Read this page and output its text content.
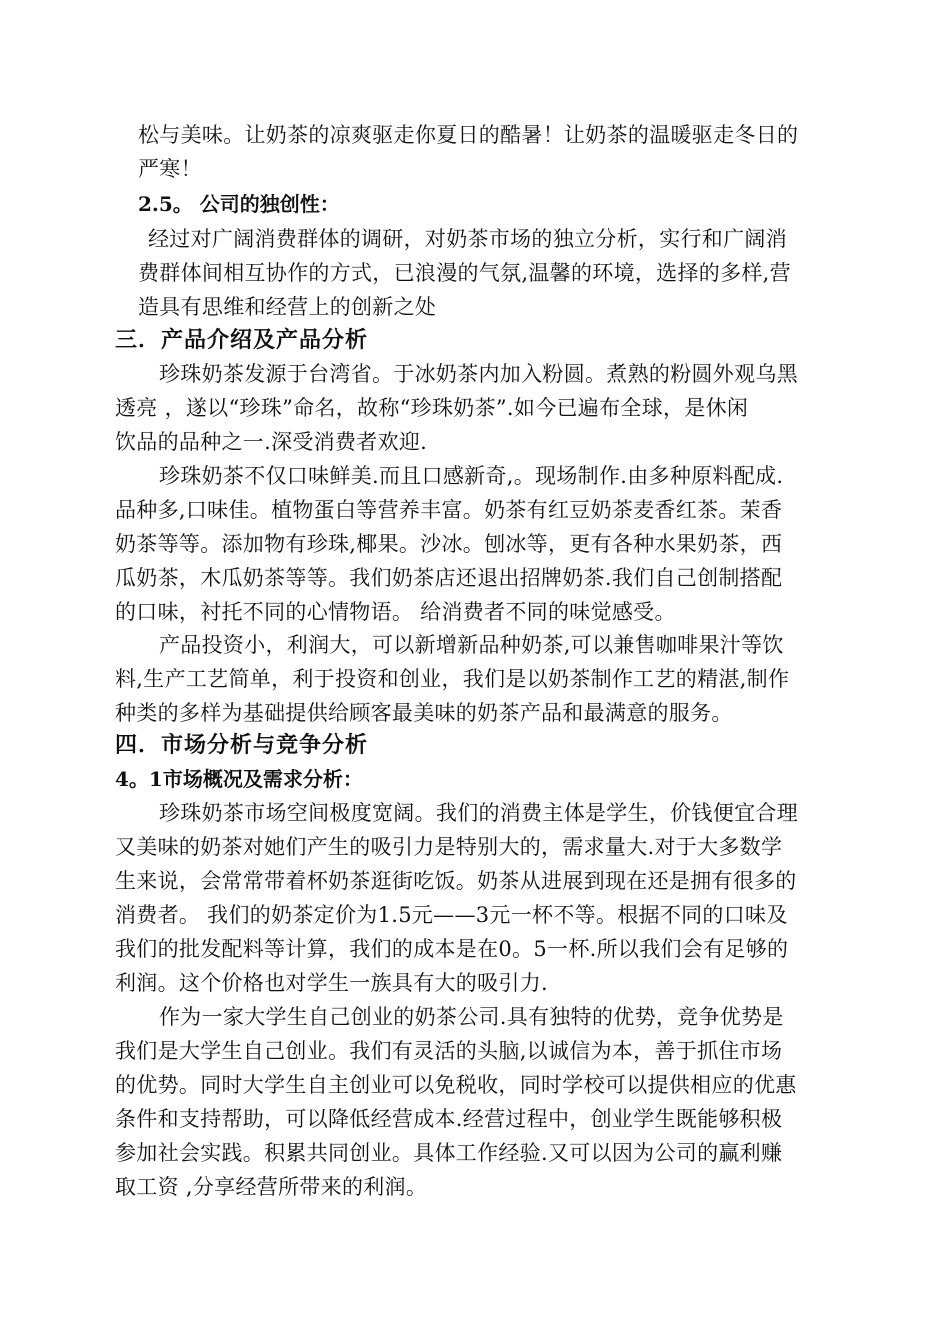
松与美味。让奶茶的凉爽驱走你夏日的酷暑！让奶茶的温暖驱走冬日的
严寒！
2.5。 公司的独创性：
经过对广阔消费群体的调研，对奶茶市场的独立分析，实行和广阔消
费群体间相互协作的方式，已浪漫的气氛,温馨的环境，选择的多样,营
造具有思维和经营上的创新之处
三．产品介绍及产品分析
珍珠奶茶发源于台湾省。于冰奶茶内加入粉圆。煮熟的粉圆外观乌黑
透亮 ，遂以“珍珠”命名，故称“珍珠奶茶”.如今已遍布全球，是休闲
饮品的品种之一.深受消费者欢迎.
珍珠奶茶不仅口味鲜美.而且口感新奇,。现场制作.由多种原料配成.
品种多,口味佳。植物蛋白等营养丰富。奶茶有红豆奶茶麦香红茶。茉香
奶茶等等。添加物有珍珠,椰果。沙冰。刨冰等，更有各种水果奶茶，西
瓜奶茶，木瓜奶茶等等。我们奶茶店还退出招牌奶茶.我们自己创制搭配
的口味，衬托不同的心情物语。 给消费者不同的味觉感受。
产品投资小，利润大，可以新增新品种奶茶,可以兼售咖啡果汁等饮
料,生产工艺简单，利于投资和创业，我们是以奶茶制作工艺的精湛,制作
种类的多样为基础提供给顾客最美味的奶茶产品和最满意的服务。
四．市场分析与竞争分析
4。1市场概况及需求分析：
珍珠奶茶市场空间极度宽阔。我们的消费主体是学生，价钱便宜合理
又美味的奶茶对她们产生的吸引力是特别大的，需求量大.对于大多数学
生来说，会常常带着杯奶茶逛街吃饭。奶茶从进展到现在还是拥有很多的
消费者。 我们的奶茶定价为1.5元——3元一杯不等。根据不同的口味及
我们的批发配料等计算，我们的成本是在0。5一杯.所以我们会有足够的
利润。这个价格也对学生一族具有大的吸引力.
作为一家大学生自己创业的奶茶公司.具有独特的优势，竞争优势是
我们是大学生自己创业。我们有灵活的头脑,以诚信为本，善于抓住市场
的优势。同时大学生自主创业可以免税收，同时学校可以提供相应的优惠
条件和支持帮助，可以降低经营成本.经营过程中，创业学生既能够积极
参加社会实践。积累共同创业。具体工作经验.又可以因为公司的赢利赚
取工资 ,分享经营所带来的利润。
